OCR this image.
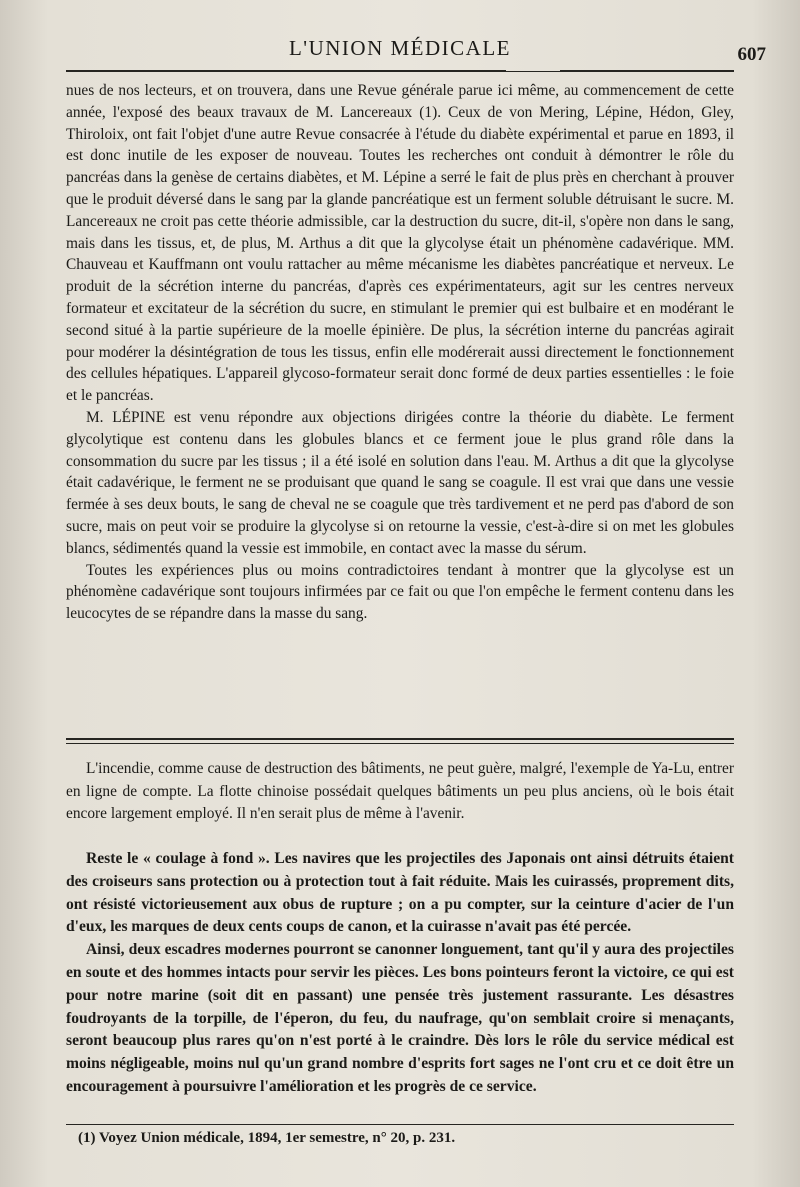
L'UNION MÉDICALE	607

nues de nos lecteurs, et on trouvera, dans une Revue générale parue ici même, au commencement de cette année, l'exposé des beaux travaux de M. Lancereaux (1). Ceux de von Mering, Lépine, Hédon, Gley, Thiroloix, ont fait l'objet d'une autre Revue consacrée à l'étude du diabète expérimental et parue en 1893, il est donc inutile de les exposer de nouveau. Toutes les recherches ont conduit à démontrer le rôle du pancréas dans la genèse de certains diabètes, et M. Lépine a serré le fait de plus près en cherchant à prouver que le produit déversé dans le sang par la glande pancréatique est un ferment soluble détruisant le sucre. M. Lancereaux ne croit pas cette théorie admissible, car la destruction du sucre, dit-il, s'opère non dans le sang, mais dans les tissus, et, de plus, M. Arthus a dit que la glycolyse était un phénomène cadavérique. MM. Chauveau et Kauffmann ont voulu rattacher au même mécanisme les diabètes pancréatique et nerveux. Le produit de la sécrétion interne du pancréas, d'après ces expérimentateurs, agit sur les centres nerveux formateur et excitateur de la sécrétion du sucre, en stimulant le premier qui est bulbaire et en modérant le second situé à la partie supérieure de la moelle épinière. De plus, la sécrétion interne du pancréas agirait pour modérer la désintégration de tous les tissus, enfin elle modérerait aussi directement le fonctionnement des cellules hépatiques. L'appareil glycoso-formateur serait donc formé de deux parties essentielles : le foie et le pancréas.

M. LÉPINE est venu répondre aux objections dirigées contre la théorie du diabète. Le ferment glycolytique est contenu dans les globules blancs et ce ferment joue le plus grand rôle dans la consommation du sucre par les tissus ; il a été isolé en solution dans l'eau. M. Arthus a dit que la glycolyse était cadavérique, le ferment ne se produisant que quand le sang se coagule. Il est vrai que dans une vessie fermée à ses deux bouts, le sang de cheval ne se coagule que très tardivement et ne perd pas d'abord de son sucre, mais on peut voir se produire la glycolyse si on retourne la vessie, c'est-à-dire si on met les globules blancs, sédimentés quand la vessie est immobile, en contact avec la masse du sérum.

Toutes les expériences plus ou moins contradictoires tendant à montrer que la glycolyse est un phénomène cadavérique sont toujours infirmées par ce fait ou que l'on empêche le ferment contenu dans les leucocytes de se répandre dans la masse du sang.

L'incendie, comme cause de destruction des bâtiments, ne peut guère, malgré, l'exemple de Ya-Lu, entrer en ligne de compte. La flotte chinoise possédait quelques bâtiments un peu plus anciens, où le bois était encore largement employé. Il n'en serait plus de même à l'avenir.

Reste le « coulage à fond ». Les navires que les projectiles des Japonais ont ainsi détruits étaient des croiseurs sans protection ou à protection tout à fait réduite. Mais les cuirassés, proprement dits, ont résisté victorieusement aux obus de rupture ; on a pu compter, sur la ceinture d'acier de l'un d'eux, les marques de deux cents coups de canon, et la cuirasse n'avait pas été percée.

Ainsi, deux escadres modernes pourront se canonner longuement, tant qu'il y aura des projectiles en soute et des hommes intacts pour servir les pièces. Les bons pointeurs feront la victoire, ce qui est pour notre marine (soit dit en passant) une pensée très justement rassurante. Les désastres foudroyants de la torpille, de l'éperon, du feu, du naufrage, qu'on semblait croire si menaçants, seront beaucoup plus rares qu'on n'est porté à le craindre. Dès lors le rôle du service médical est moins négligeable, moins nul qu'un grand nombre d'esprits fort sages ne l'ont cru et ce doit être un encouragement à poursuivre l'amélioration et les progrès de ce service.

(1) Voyez Union médicale, 1894, 1er semestre, n° 20, p. 231.
